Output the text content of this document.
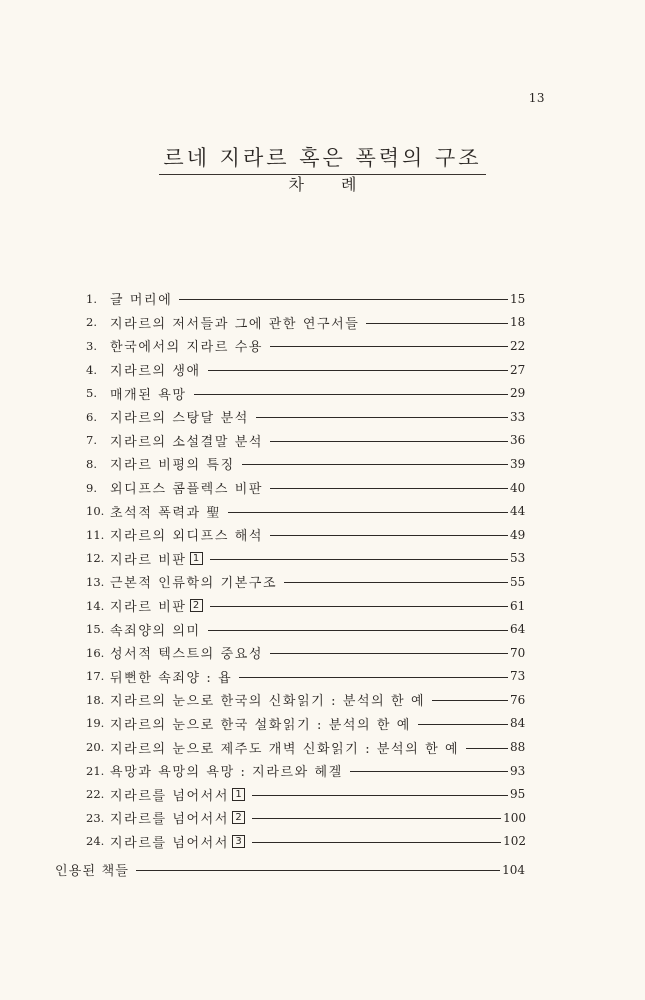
13
르네 지라르 혹은 폭력의 구조
차 례
1.	글 머리에	15
2.	지라르의 저서들과 그에 관한 연구서들	18
3.	한국에서의 지라르 수용	22
4.	지라르의 생애	27
5.	매개된 욕망	29
6.	지라르의 스탕달 분석	33
7.	지라르의 소설결말 분석	36
8.	지라르 비평의 특징	39
9.	외디프스 콤플렉스 비판	40
10. 초석적 폭력과 聖	44
11. 지라르의 외디프스 해석	49
12. 지라르 비판 1	53
13. 근본적 인류학의 기본구조	55
14. 지라르 비판 2	61
15. 속죄양의 의미	64
16. 성서적 텍스트의 중요성	70
17. 뒤뻔한 속죄양 : 욥	73
18. 지라르의 눈으로 한국의 신화읽기 : 분석의 한 예	76
19. 지라르의 눈으로 한국 설화읽기 : 분석의 한 예	84
20. 지라르의 눈으로 제주도 개벽 신화읽기 : 분석의 한 예	88
21. 욕망과 욕망의 욕망 : 지라르와 헤겔	93
22. 지라르를 넘어서서 1	95
23. 지라르를 넘어서서 2	100
24. 지라르를 넘어서서 3	102
인용된 책들	104
